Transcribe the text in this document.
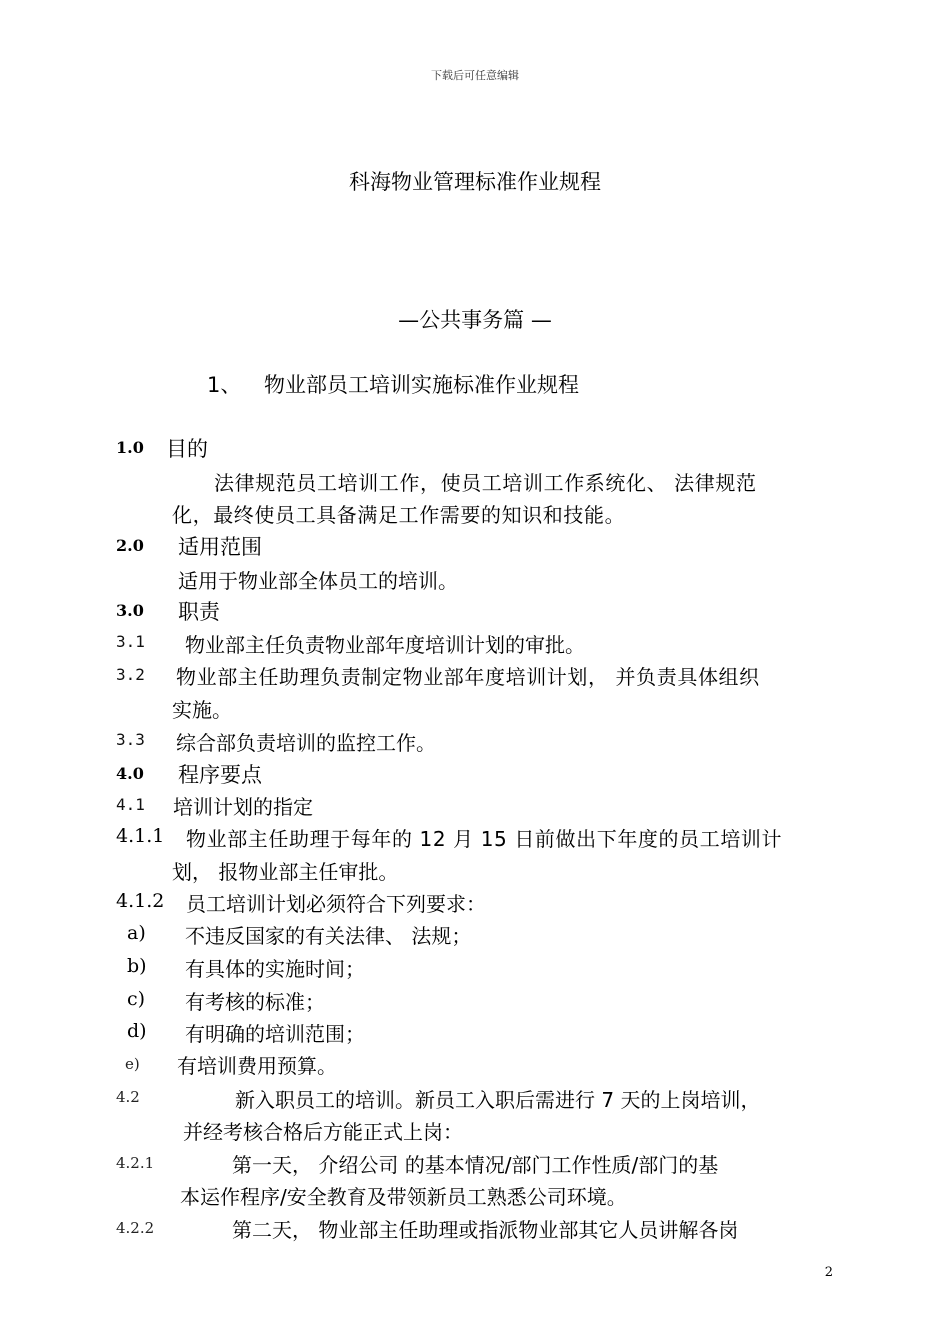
下载后可任意编辑
科海物业管理标准作业规程
—公共事务篇 —
1、 物业部员工培训实施标准作业规程
1.0 目的
法律规范员工培训工作，使员工培训工作系统化、 法律规范
化，最终使员工具备满足工作需要的知识和技能。
2.0 适用范围
适用于物业部全体员工的培训。
3.0 职责
3.1 物业部主任负责物业部年度培训计划的审批。
3.2 物业部主任助理负责制定物业部年度培训计划， 并负责具体组织
实施。
3.3 综合部负责培训的监控工作。
4.0 程序要点
4.1 培训计划的指定
4.1.1 物业部主任助理于每年的 12 月 15 日前做出下年度的员工培训计
划， 报物业部主任审批。
4.1.2 员工培训计划必须符合下列要求：
a) 不违反国家的有关法律、 法规；
b) 有具体的实施时间；
c) 有考核的标准；
d) 有明确的培训范围；
e) 有培训费用预算。
4.2	新入职员工的培训。新员工入职后需进行 7 天的上岗培训，
并经考核合格后方能正式上岗：
4.2.1	第一天， 介绍公司 的基本情况/部门工作性质/部门的基
本运作程序/安全教育及带领新员工熟悉公司环境。
4.2.2	第二天， 物业部主任助理或指派物业部其它人员讲解各岗
2
